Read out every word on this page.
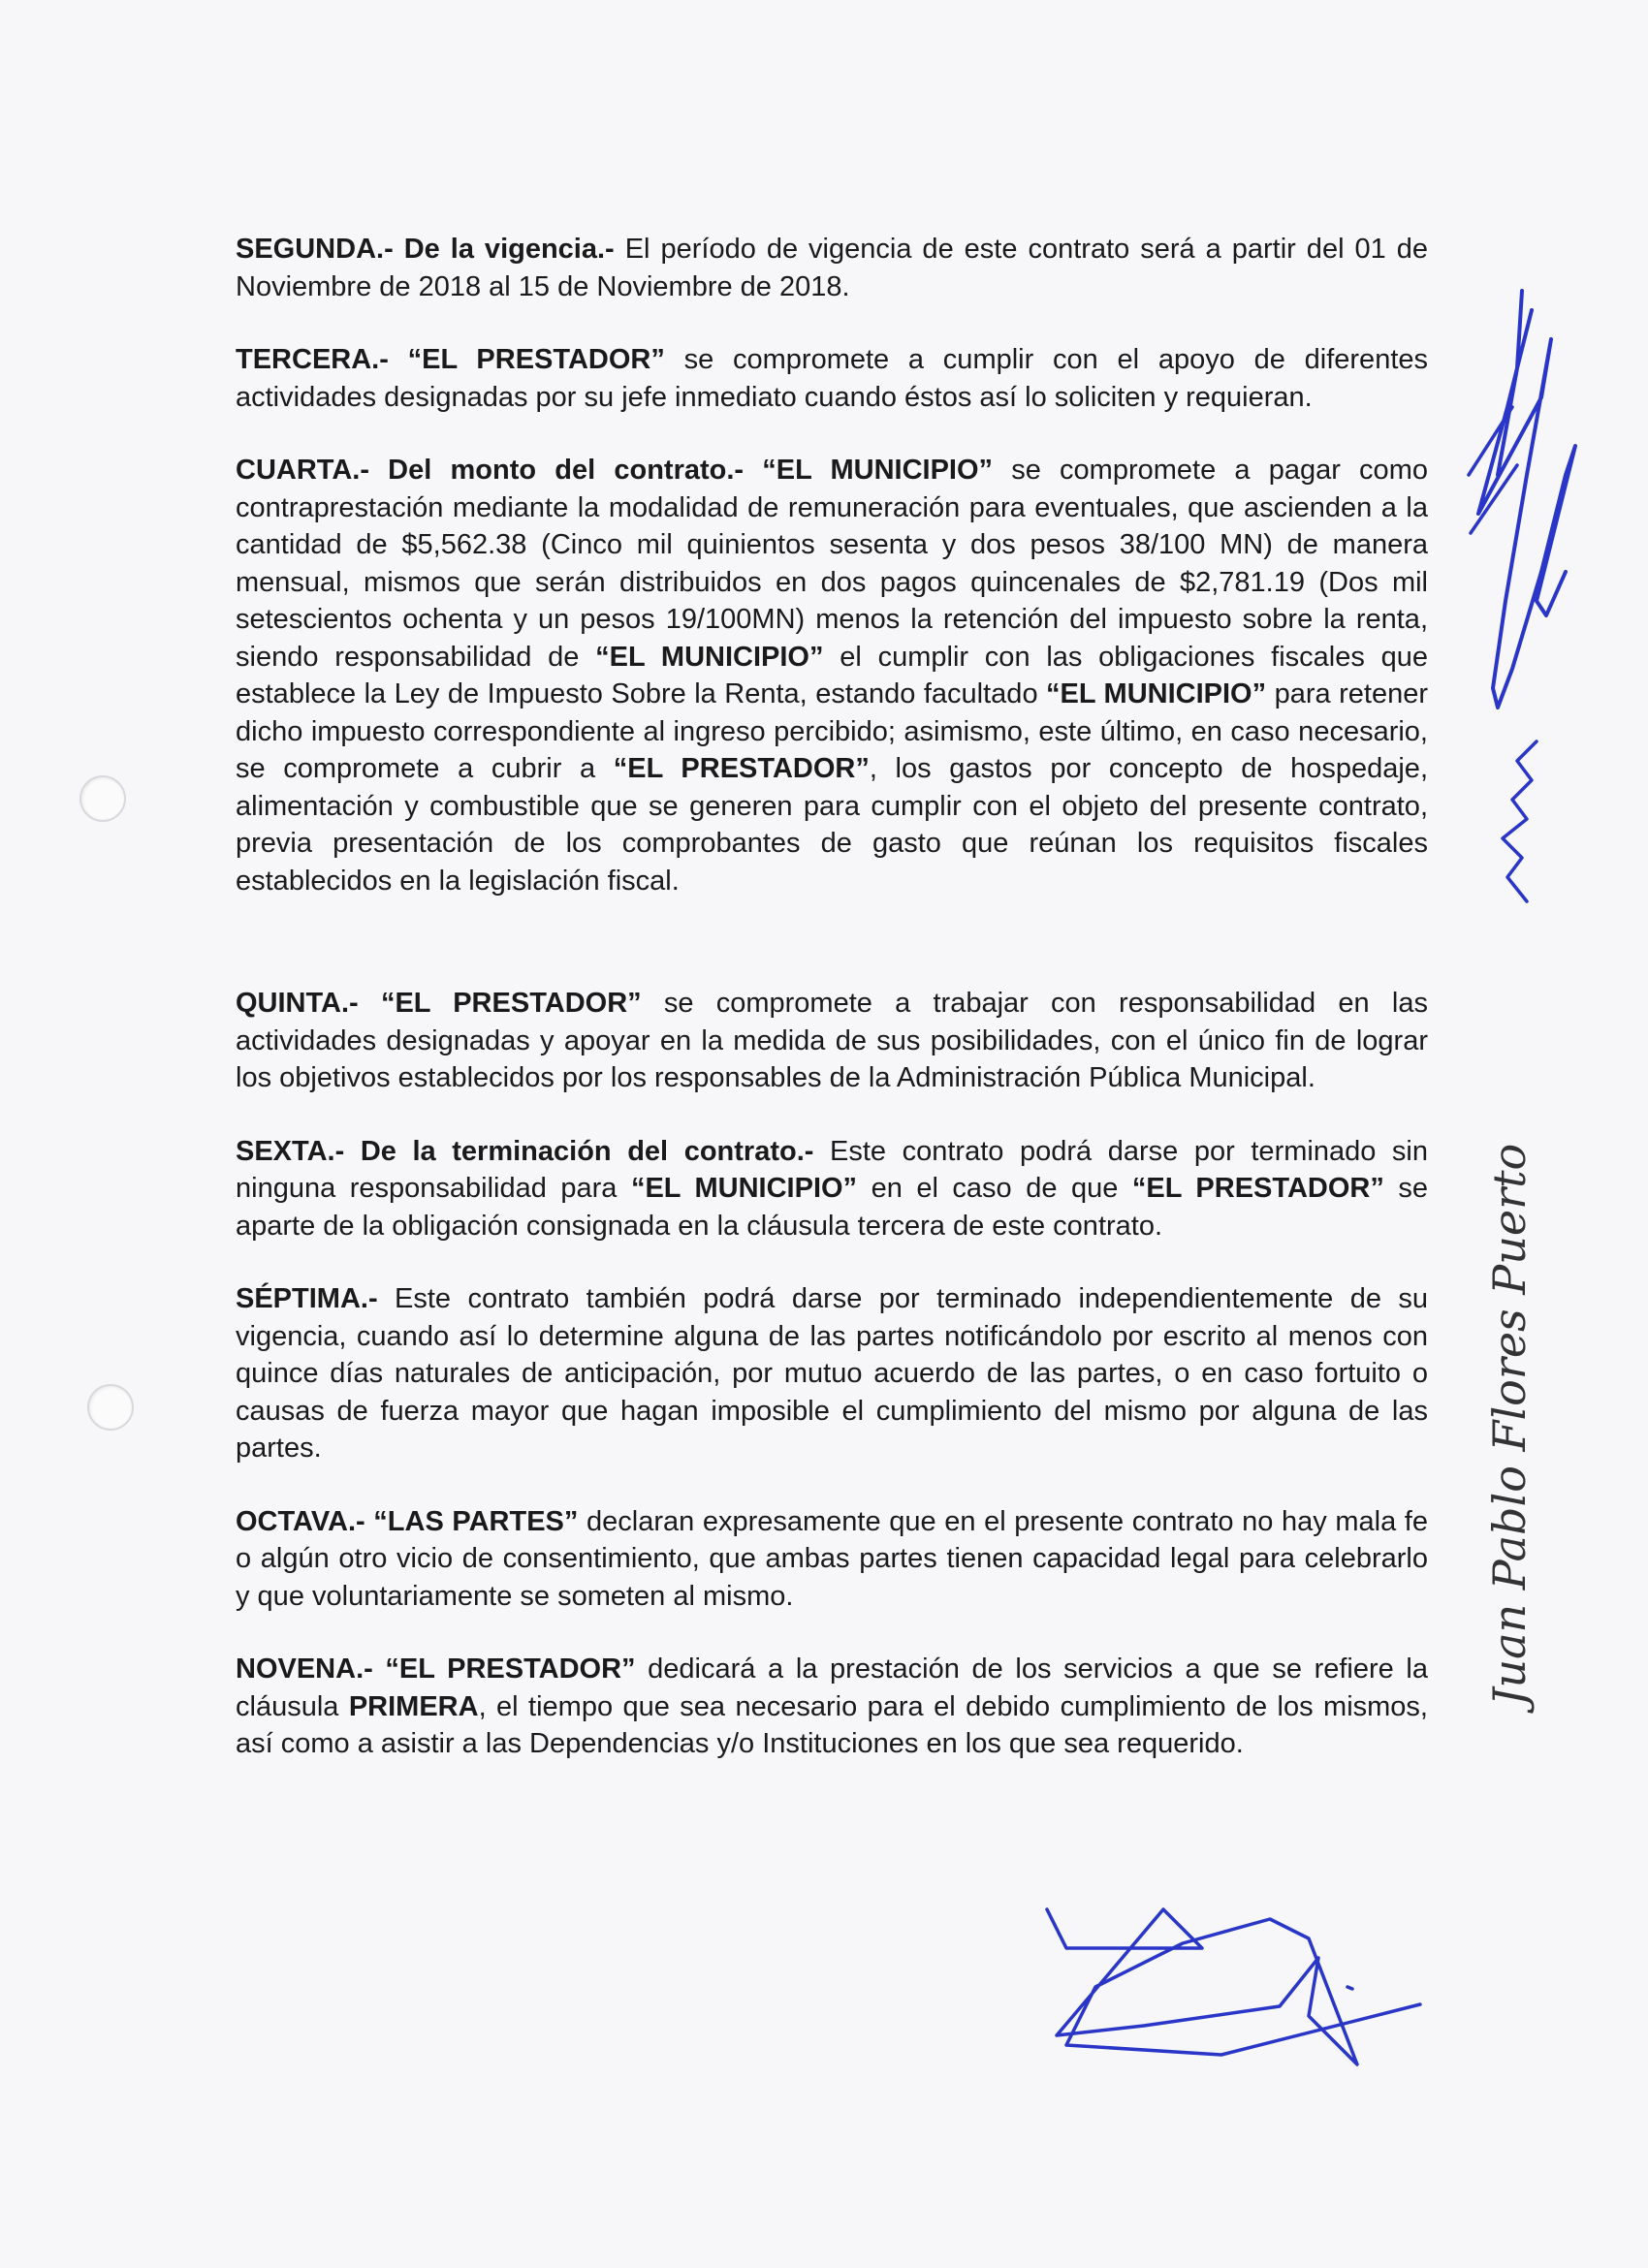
SEGUNDA.- De la vigencia.- El período de vigencia de este contrato será a partir del 01 de Noviembre de 2018 al 15 de Noviembre de 2018.

TERCERA.- “EL PRESTADOR” se compromete a cumplir con el apoyo de diferentes actividades designadas por su jefe inmediato cuando éstos así lo soliciten y requieran.

CUARTA.- Del monto del contrato.- “EL MUNICIPIO” se compromete a pagar como contraprestación mediante la modalidad de remuneración para eventuales, que ascienden a la cantidad de $5,562.38 (Cinco mil quinientos sesenta y dos pesos 38/100 MN) de manera mensual, mismos que serán distribuidos en dos pagos quincenales de $2,781.19 (Dos mil setescientos ochenta y un pesos 19/100MN) menos la retención del impuesto sobre la renta, siendo responsabilidad de “EL MUNICIPIO” el cumplir con las obligaciones fiscales que establece la Ley de Impuesto Sobre la Renta, estando facultado “EL MUNICIPIO” para retener dicho impuesto correspondiente al ingreso percibido; asimismo, este último, en caso necesario, se compromete a cubrir a “EL PRESTADOR”, los gastos por concepto de hospedaje, alimentación y combustible que se generen para cumplir con el objeto del presente contrato, previa presentación de los comprobantes de gasto que reúnan los requisitos fiscales establecidos en la legislación fiscal.

QUINTA.- “EL PRESTADOR” se compromete a trabajar con responsabilidad en las actividades designadas y apoyar en la medida de sus posibilidades, con el único fin de lograr los objetivos establecidos por los responsables de la Administración Pública Municipal.

SEXTA.- De la terminación del contrato.- Este contrato podrá darse por terminado sin ninguna responsabilidad para “EL MUNICIPIO” en el caso de que “EL PRESTADOR” se aparte de la obligación consignada en la cláusula tercera de este contrato.

SÉPTIMA.- Este contrato también podrá darse por terminado independientemente de su vigencia, cuando así lo determine alguna de las partes notificándolo por escrito al menos con quince días naturales de anticipación, por mutuo acuerdo de las partes, o en caso fortuito o causas de fuerza mayor que hagan imposible el cumplimiento del mismo por alguna de las partes.

OCTAVA.- “LAS PARTES” declaran expresamente que en el presente contrato no hay mala fe o algún otro vicio de consentimiento, que ambas partes tienen capacidad legal para celebrarlo y que voluntariamente se someten al mismo.

NOVENA.- “EL PRESTADOR” dedicará a la prestación de los servicios a que se refiere la cláusula PRIMERA, el tiempo que sea necesario para el debido cumplimiento de los mismos, así como a asistir a las Dependencias y/o Instituciones en los que sea requerido.

Juan Pablo Flores Puerto
